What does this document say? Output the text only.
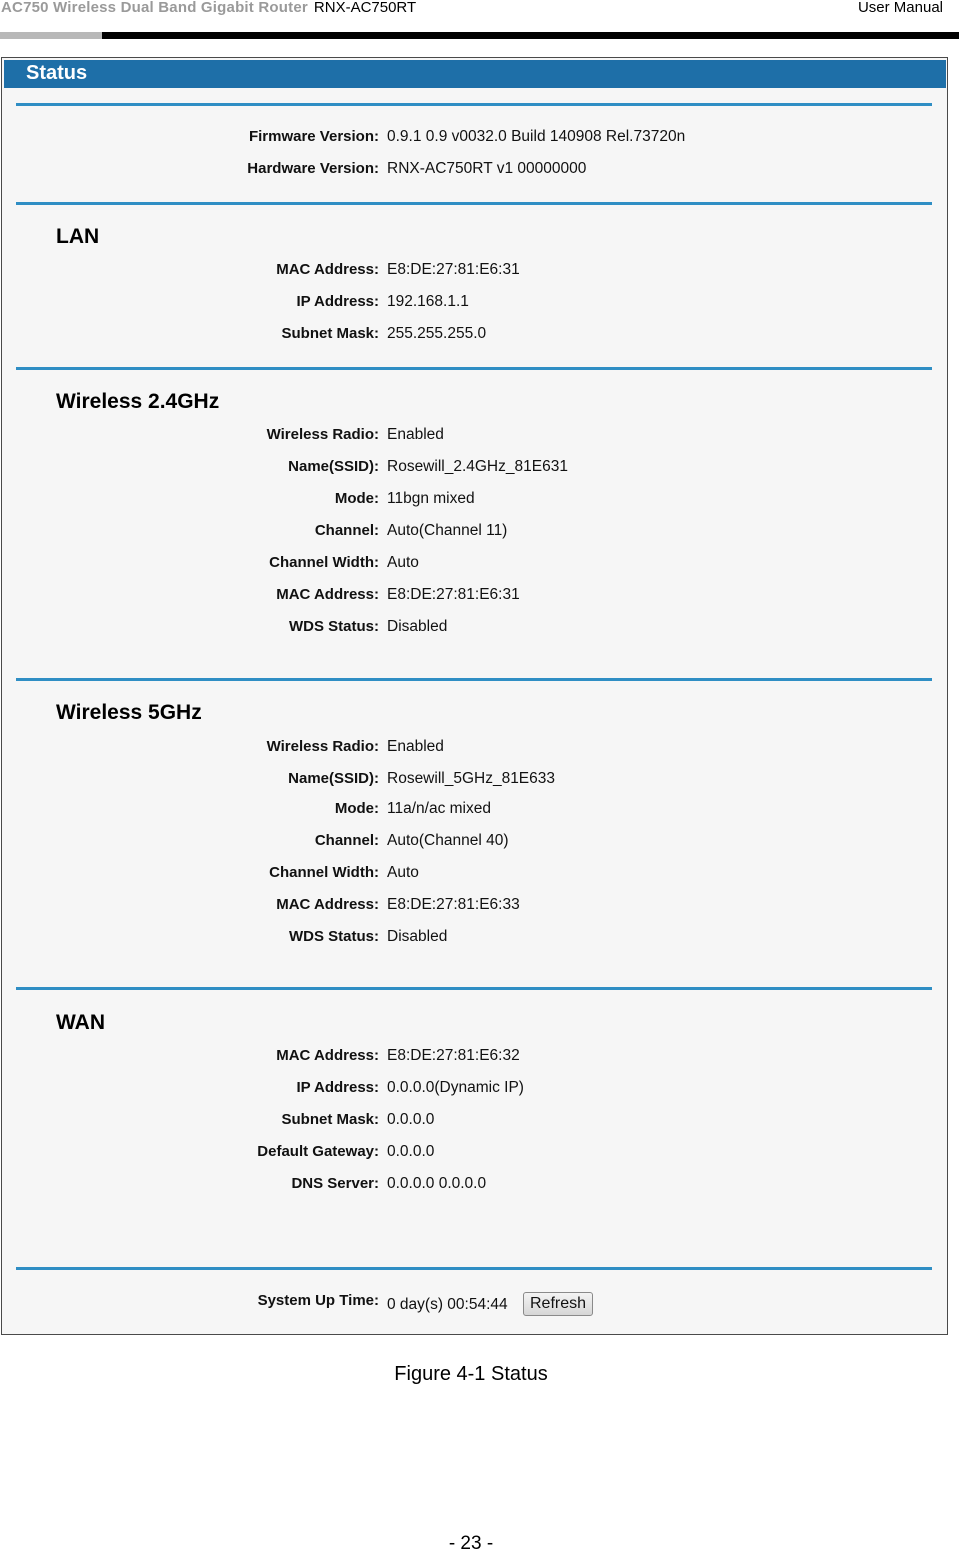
AC750 Wireless Dual Band Gigabit Router RNX-AC750RT	User Manual
Status
Firmware Version: 0.9.1 0.9 v0032.0 Build 140908 Rel.73720n
Hardware Version: RNX-AC750RT v1 00000000
LAN
MAC Address: E8:DE:27:81:E6:31
IP Address: 192.168.1.1
Subnet Mask: 255.255.255.0
Wireless 2.4GHz
Wireless Radio: Enabled
Name(SSID): Rosewill_2.4GHz_81E631
Mode: 11bgn mixed
Channel: Auto(Channel 11)
Channel Width: Auto
MAC Address: E8:DE:27:81:E6:31
WDS Status: Disabled
Wireless 5GHz
Wireless Radio: Enabled
Name(SSID): Rosewill_5GHz_81E633
Mode: 11a/n/ac mixed
Channel: Auto(Channel 40)
Channel Width: Auto
MAC Address: E8:DE:27:81:E6:33
WDS Status: Disabled
WAN
MAC Address: E8:DE:27:81:E6:32
IP Address: 0.0.0.0(Dynamic IP)
Subnet Mask: 0.0.0.0
Default Gateway: 0.0.0.0
DNS Server: 0.0.0.0 0.0.0.0
System Up Time: 0 day(s) 00:54:44	Refresh
Figure 4-1 Status
- 23 -
